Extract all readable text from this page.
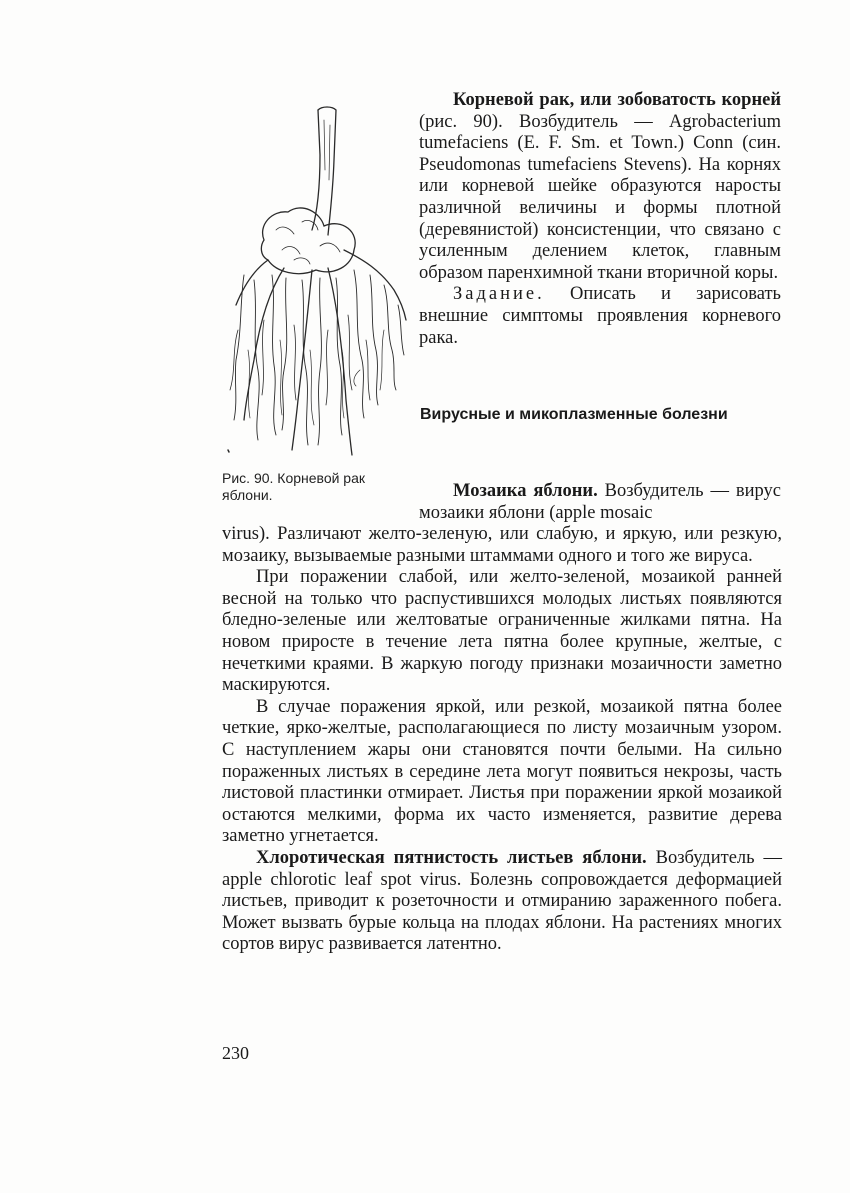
Рис. 90. Корневой рак яблони.

Корневой рак, или зобоватость корней (рис. 90). Возбудитель — Agrobacterium tumefaciens (E. F. Sm. et Town.) Conn (син. Pseudomonas tumefaciens Stevens). На корнях или корневой шейке образуются наросты различной величины и формы плотной (деревянистой) консистенции, что связано с усиленным делением клеток, главным образом паренхимной ткани вторичной коры.

Задание. Описать и зарисовать внешние симптомы проявления корневого рака.

Вирусные и микоплазменные болезни

Мозаика яблони. Возбудитель — вирус мозаики яблони (apple mosaic

virus). Различают желто-зеленую, или слабую, и яркую, или резкую, мозаику, вызываемые разными штаммами одного и того же вируса.

При поражении слабой, или желто-зеленой, мозаикой ранней весной на только что распустившихся молодых листьях появляются бледно-зеленые или желтоватые ограниченные жилками пятна. На новом приросте в течение лета пятна более крупные, желтые, с нечеткими краями. В жаркую погоду признаки мозаичности заметно маскируются.

В случае поражения яркой, или резкой, мозаикой пятна более четкие, ярко-желтые, располагающиеся по листу мозаичным узором. С наступлением жары они становятся почти белыми. На сильно пораженных листьях в середине лета могут появиться некрозы, часть листовой пластинки отмирает. Листья при поражении яркой мозаикой остаются мелкими, форма их часто изменяется, развитие дерева заметно угнетается.

Хлоротическая пятнистость листьев яблони. Возбудитель — apple chlorotic leaf spot virus. Болезнь сопровождается деформацией листьев, приводит к розеточности и отмиранию зараженного побега. Может вызвать бурые кольца на плодах яблони. На растениях многих сортов вирус развивается латентно.

230
